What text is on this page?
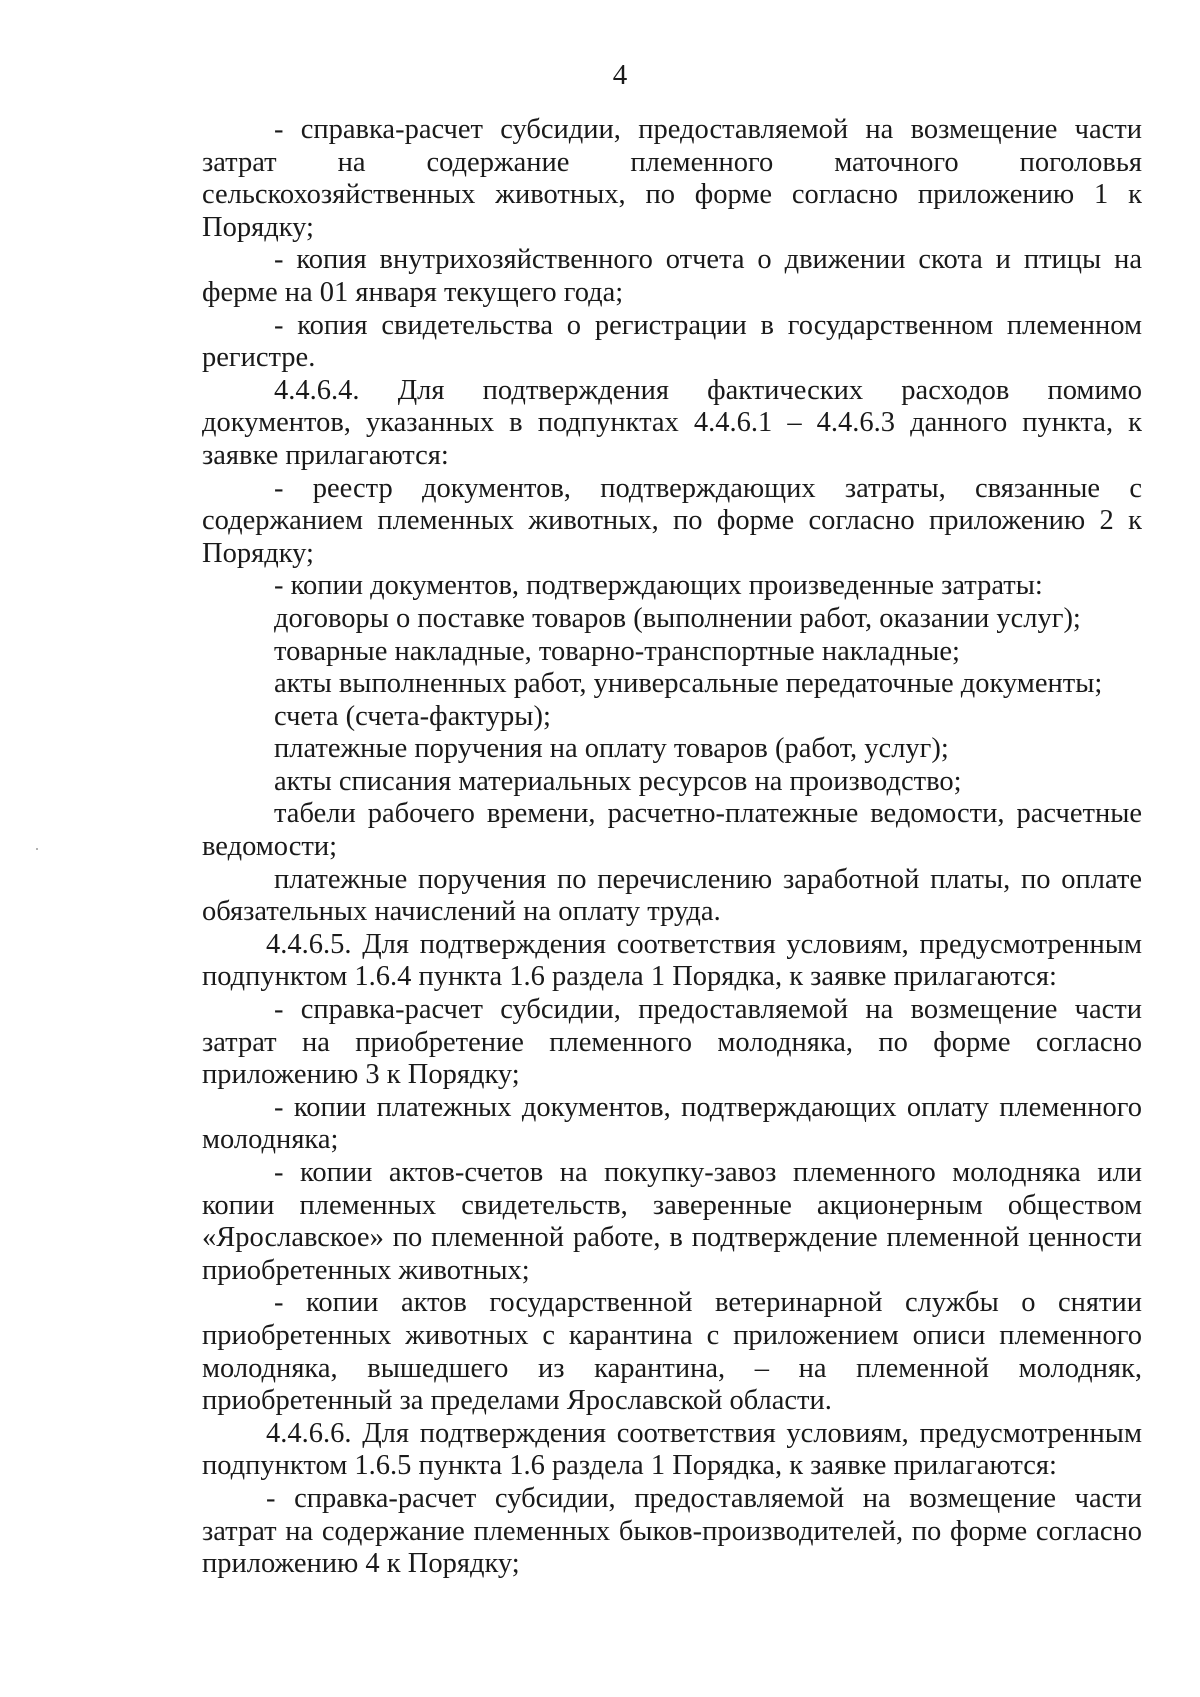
4

- справка-расчет субсидии, предоставляемой на возмещение части затрат на содержание племенного маточного поголовья сельскохозяйственных животных, по форме согласно приложению 1 к Порядку;

- копия внутрихозяйственного отчета о движении скота и птицы на ферме на 01 января текущего года;

- копия свидетельства о регистрации в государственном племенном регистре.

4.4.6.4. Для подтверждения фактических расходов помимо документов, указанных в подпунктах 4.4.6.1 – 4.4.6.3 данного пункта, к заявке прилагаются:

- реестр документов, подтверждающих затраты, связанные с содержанием племенных животных, по форме согласно приложению 2 к Порядку;

- копии документов, подтверждающих произведенные затраты:

договоры о поставке товаров (выполнении работ, оказании услуг);

товарные накладные, товарно-транспортные накладные;

акты выполненных работ, универсальные передаточные документы;

счета (счета-фактуры);

платежные поручения на оплату товаров (работ, услуг);

акты списания материальных ресурсов на производство;

табели рабочего времени, расчетно-платежные ведомости, расчетные ведомости;

платежные поручения по перечислению заработной платы, по оплате обязательных начислений на оплату труда.

4.4.6.5. Для подтверждения соответствия условиям, предусмотренным подпунктом 1.6.4 пункта 1.6 раздела 1 Порядка, к заявке прилагаются:

- справка-расчет субсидии, предоставляемой на возмещение части затрат на приобретение племенного молодняка, по форме согласно приложению 3 к Порядку;

- копии платежных документов, подтверждающих оплату племенного молодняка;

- копии актов-счетов на покупку-завоз племенного молодняка или копии племенных свидетельств, заверенные акционерным обществом «Ярославское» по племенной работе, в подтверждение племенной ценности приобретенных животных;

- копии актов государственной ветеринарной службы о снятии приобретенных животных с карантина с приложением описи племенного молодняка, вышедшего из карантина, – на племенной молодняк, приобретенный за пределами Ярославской области.

4.4.6.6. Для подтверждения соответствия условиям, предусмотренным подпунктом 1.6.5 пункта 1.6 раздела 1 Порядка, к заявке прилагаются:

- справка-расчет субсидии, предоставляемой на возмещение части затрат на содержание племенных быков-производителей, по форме согласно приложению 4 к Порядку;
